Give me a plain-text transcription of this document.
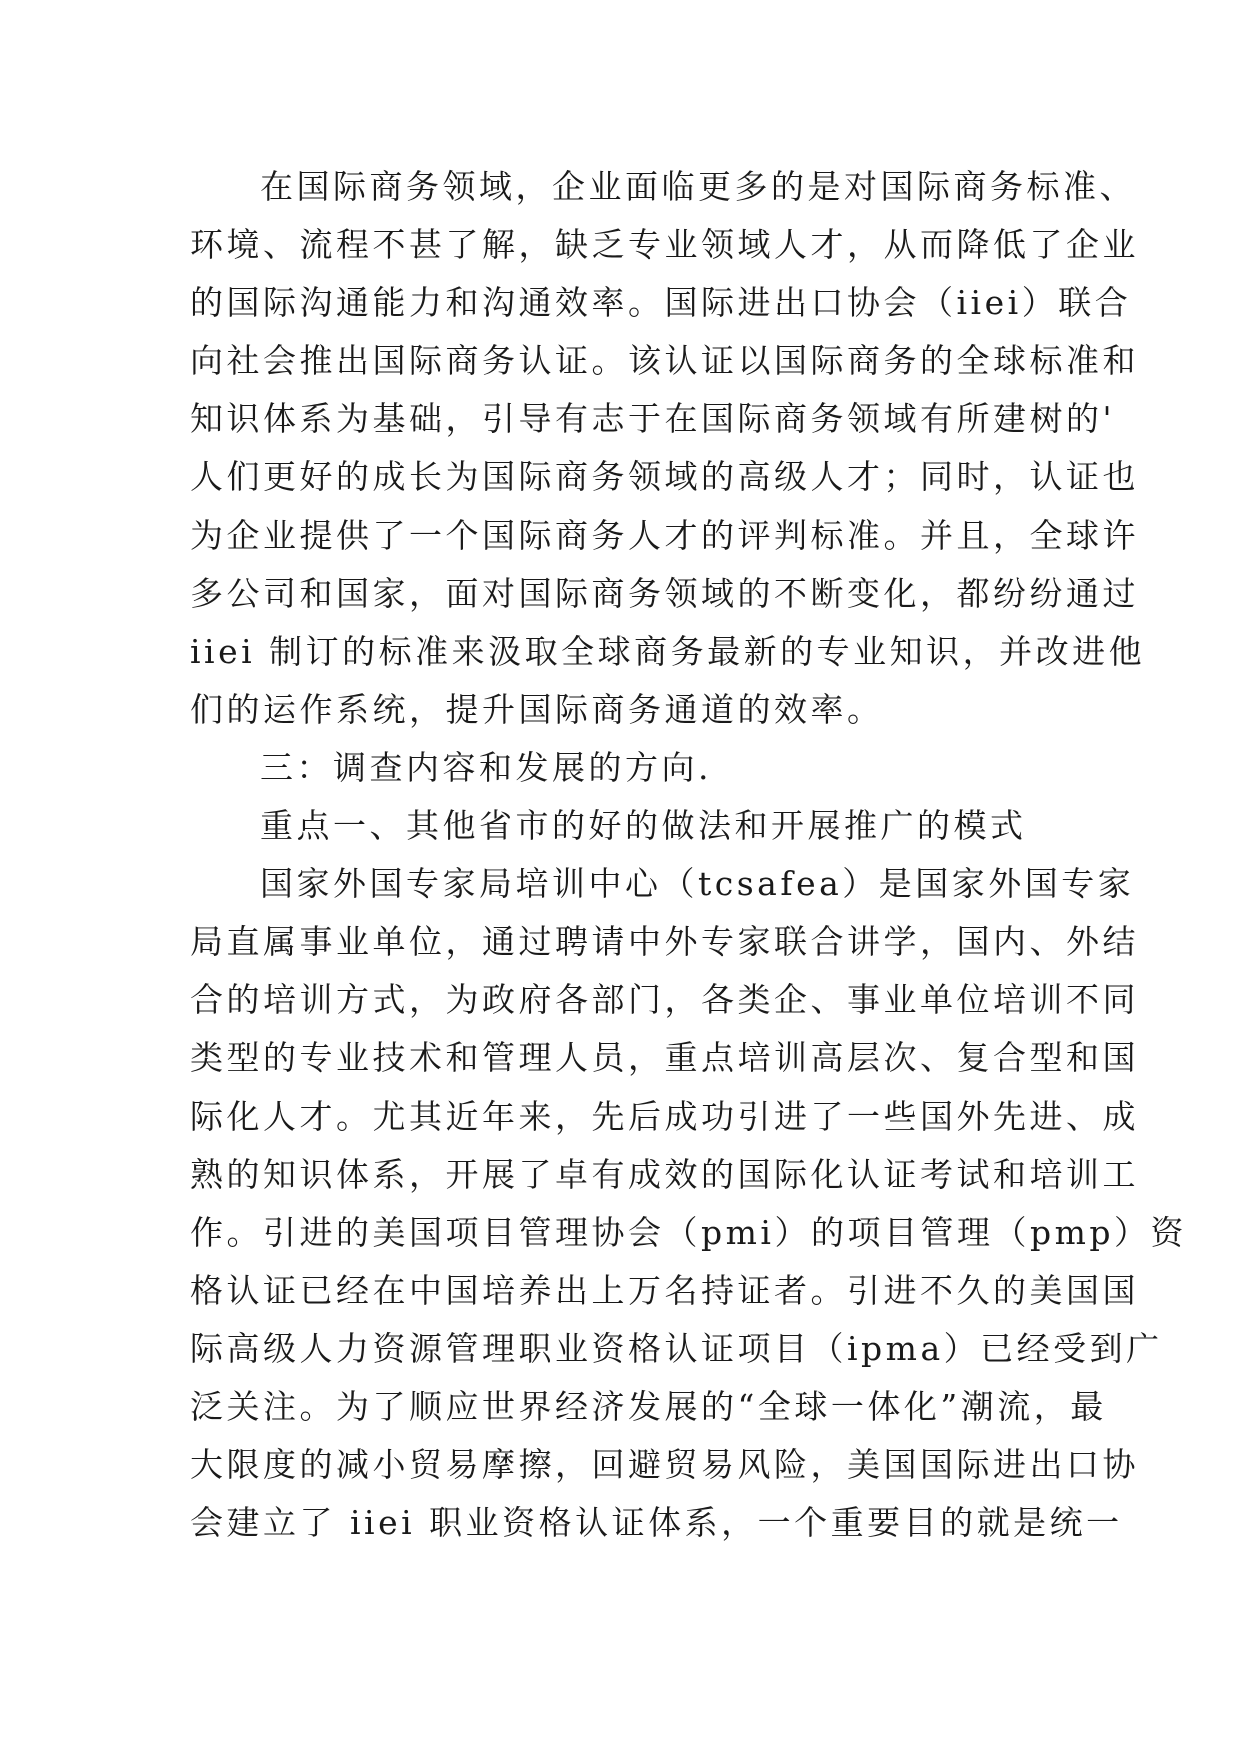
在国际商务领域，企业面临更多的是对国际商务标准、
环境、流程不甚了解，缺乏专业领域人才，从而降低了企业
的国际沟通能力和沟通效率。国际进出口协会（iiei）联合
向社会推出国际商务认证。该认证以国际商务的全球标准和
知识体系为基础，引导有志于在国际商务领域有所建树的'
人们更好的成长为国际商务领域的高级人才；同时，认证也
为企业提供了一个国际商务人才的评判标准。并且，全球许
多公司和国家，面对国际商务领域的不断变化，都纷纷通过
iiei 制订的标准来汲取全球商务最新的专业知识，并改进他
们的运作系统，提升国际商务通道的效率。
三：调查内容和发展的方向.
重点一、其他省市的好的做法和开展推广的模式
国家外国专家局培训中心（tcsafea）是国家外国专家
局直属事业单位，通过聘请中外专家联合讲学，国内、外结
合的培训方式，为政府各部门，各类企、事业单位培训不同
类型的专业技术和管理人员，重点培训高层次、复合型和国
际化人才。尤其近年来，先后成功引进了一些国外先进、成
熟的知识体系，开展了卓有成效的国际化认证考试和培训工
作。引进的美国项目管理协会（pmi）的项目管理（pmp）资
格认证已经在中国培养出上万名持证者。引进不久的美国国
际高级人力资源管理职业资格认证项目（ipma）已经受到广
泛关注。为了顺应世界经济发展的“全球一体化”潮流，最
大限度的减小贸易摩擦，回避贸易风险，美国国际进出口协
会建立了 iiei 职业资格认证体系，一个重要目的就是统一
